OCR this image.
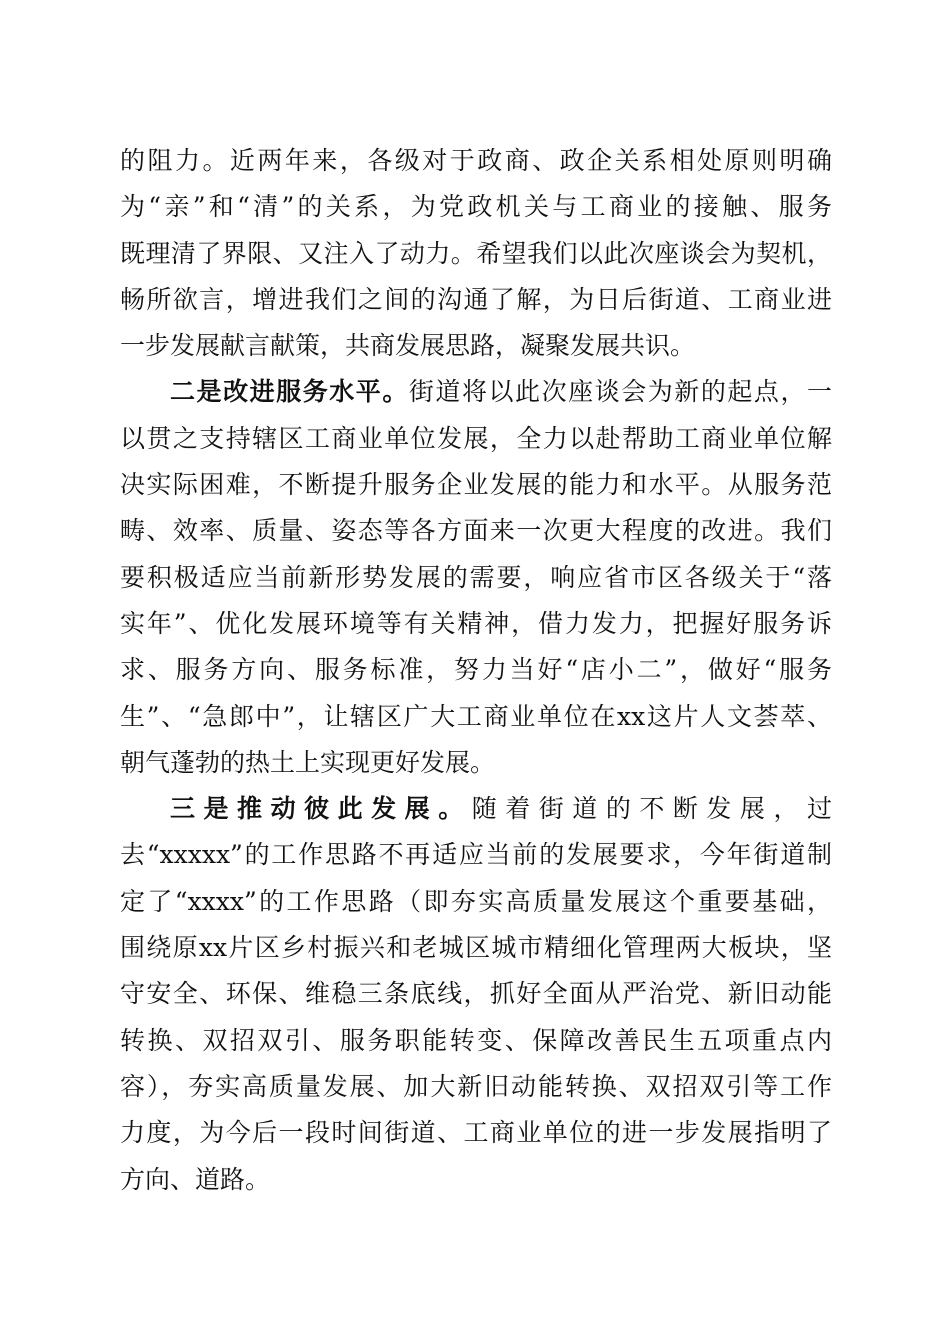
的阻力。近两年来，各级对于政商、政企关系相处原则明确
为“亲”和“清”的关系，为党政机关与工商业的接触、服务
既理清了界限、又注入了动力。希望我们以此次座谈会为契机，
畅所欲言，增进我们之间的沟通了解，为日后街道、工商业进
一步发展献言献策，共商发展思路，凝聚发展共识。
二是改进服务水平。街道将以此次座谈会为新的起点，一
以贯之支持辖区工商业单位发展，全力以赴帮助工商业单位解
决实际困难，不断提升服务企业发展的能力和水平。从服务范
畴、效率、质量、姿态等各方面来一次更大程度的改进。我们
要积极适应当前新形势发展的需要，响应省市区各级关于“落
实年”、优化发展环境等有关精神，借力发力，把握好服务诉
求、服务方向、服务标准，努力当好“店小二”，做好“服务
生”、“急郎中”，让辖区广大工商业单位在xx这片人文荟萃、
朝气蓬勃的热土上实现更好发展。
三是推动彼此发展。随着街道的不断发展，过
去“xxxxx”的工作思路不再适应当前的发展要求，今年街道制
定了“xxxx”的工作思路（即夯实高质量发展这个重要基础，
围绕原xx片区乡村振兴和老城区城市精细化管理两大板块，坚
守安全、环保、维稳三条底线，抓好全面从严治党、新旧动能
转换、双招双引、服务职能转变、保障改善民生五项重点内
容），夯实高质量发展、加大新旧动能转换、双招双引等工作
力度，为今后一段时间街道、工商业单位的进一步发展指明了
方向、道路。
